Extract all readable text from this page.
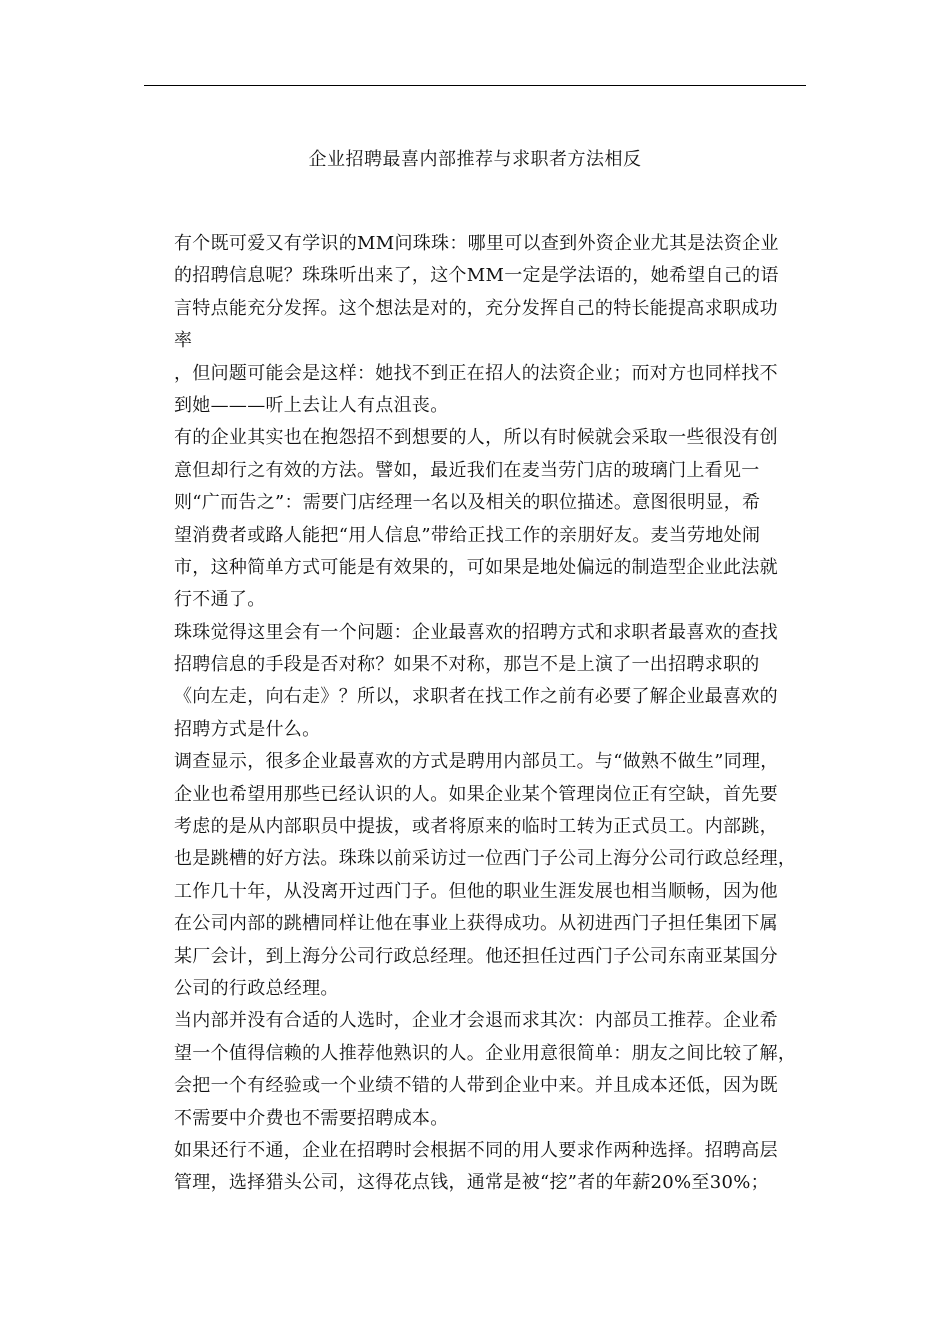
企业招聘最喜内部推荐与求职者方法相反
有个既可爱又有学识的MM问珠珠：哪里可以查到外资企业尤其是法资企业
的招聘信息呢？珠珠听出来了，这个MM一定是学法语的，她希望自己的语
言特点能充分发挥。这个想法是对的，充分发挥自己的特长能提高求职成功
率
，但问题可能会是这样：她找不到正在招人的法资企业；而对方也同样找不
到她———听上去让人有点沮丧。
有的企业其实也在抱怨招不到想要的人，所以有时候就会采取一些很没有创
意但却行之有效的方法。譬如，最近我们在麦当劳门店的玻璃门上看见一
则“广而告之”：需要门店经理一名以及相关的职位描述。意图很明显，希
望消费者或路人能把“用人信息”带给正找工作的亲朋好友。麦当劳地处闹
市，这种简单方式可能是有效果的，可如果是地处偏远的制造型企业此法就
行不通了。
珠珠觉得这里会有一个问题：企业最喜欢的招聘方式和求职者最喜欢的查找
招聘信息的手段是否对称？如果不对称，那岂不是上演了一出招聘求职的
《向左走，向右走》？所以，求职者在找工作之前有必要了解企业最喜欢的
招聘方式是什么。
调查显示，很多企业最喜欢的方式是聘用内部员工。与“做熟不做生”同理，
企业也希望用那些已经认识的人。如果企业某个管理岗位正有空缺，首先要
考虑的是从内部职员中提拔，或者将原来的临时工转为正式员工。内部跳，
也是跳槽的好方法。珠珠以前采访过一位西门子公司上海分公司行政总经理，
工作几十年，从没离开过西门子。但他的职业生涯发展也相当顺畅，因为他
在公司内部的跳槽同样让他在事业上获得成功。从初进西门子担任集团下属
某厂会计，到上海分公司行政总经理。他还担任过西门子公司东南亚某国分
公司的行政总经理。
当内部并没有合适的人选时，企业才会退而求其次：内部员工推荐。企业希
望一个值得信赖的人推荐他熟识的人。企业用意很简单：朋友之间比较了解，
会把一个有经验或一个业绩不错的人带到企业中来。并且成本还低，因为既
不需要中介费也不需要招聘成本。
如果还行不通，企业在招聘时会根据不同的用人要求作两种选择。招聘高层
管理，选择猎头公司，这得花点钱，通常是被“挖”者的年薪20%至30%；
